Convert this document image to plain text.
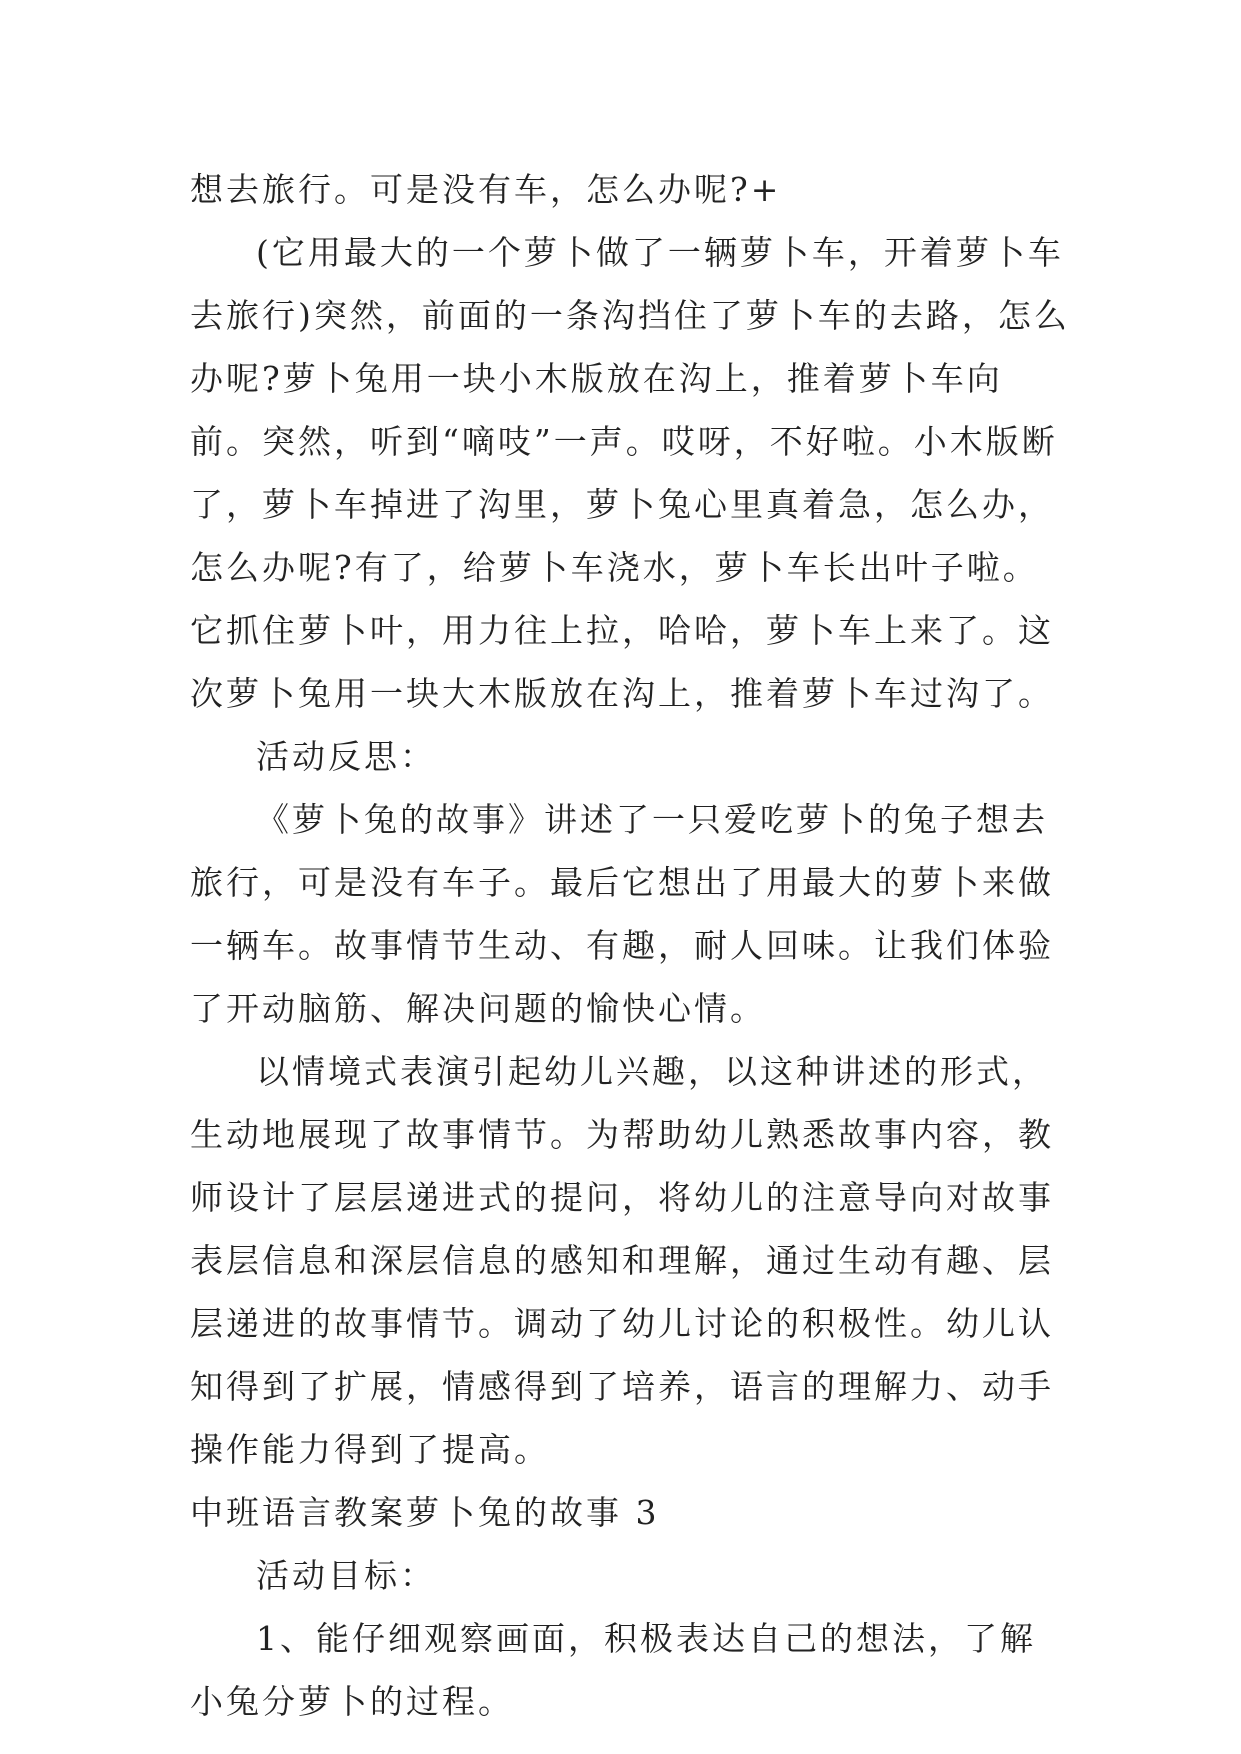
想去旅行。可是没有车，怎么办呢?+

(它用最大的一个萝卜做了一辆萝卜车，开着萝卜车去旅行)突然，前面的一条沟挡住了萝卜车的去路，怎么办呢?萝卜兔用一块小木版放在沟上，推着萝卜车向前。突然，听到“嘀吱”一声。哎呀，不好啦。小木版断了，萝卜车掉进了沟里，萝卜兔心里真着急，怎么办，怎么办呢?有了，给萝卜车浇水，萝卜车长出叶子啦。它抓住萝卜叶，用力往上拉，哈哈，萝卜车上来了。这次萝卜兔用一块大木版放在沟上，推着萝卜车过沟了。

活动反思：

《萝卜兔的故事》讲述了一只爱吃萝卜的兔子想去旅行，可是没有车子。最后它想出了用最大的萝卜来做一辆车。故事情节生动、有趣，耐人回味。让我们体验了开动脑筋、解决问题的愉快心情。

以情境式表演引起幼儿兴趣，以这种讲述的形式，生动地展现了故事情节。为帮助幼儿熟悉故事内容，教师设计了层层递进式的提问，将幼儿的注意导向对故事表层信息和深层信息的感知和理解，通过生动有趣、层层递进的故事情节。调动了幼儿讨论的积极性。幼儿认知得到了扩展，情感得到了培养，语言的理解力、动手操作能力得到了提高。

中班语言教案萝卜兔的故事 3

活动目标：

1、能仔细观察画面，积极表达自己的想法，了解小兔分萝卜的过程。
